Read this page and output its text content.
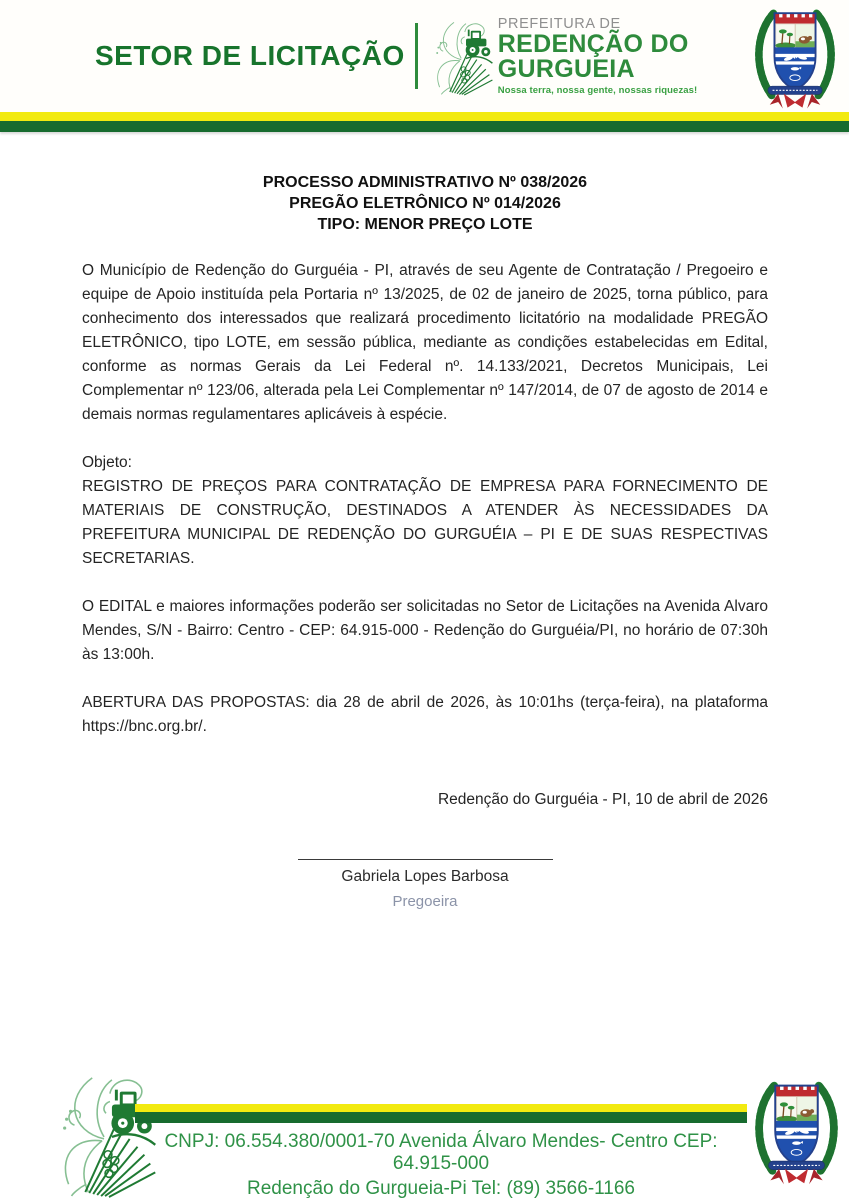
SETOR DE LICITAÇÃO
PREFEITURA DE
REDENÇÃO DO
GURGUEIA
Nossa terra, nossa gente, nossas riquezas!
PROCESSO ADMINISTRATIVO Nº 038/2026
PREGÃO ELETRÔNICO Nº 014/2026
TIPO: MENOR PREÇO LOTE

O Município de Redenção do Gurguéia - PI, através de seu Agente de Contratação / Pregoeiro e equipe de Apoio instituída pela Portaria nº 13/2025, de 02 de janeiro de 2025, torna público, para conhecimento dos interessados que realizará procedimento licitatório na modalidade PREGÃO ELETRÔNICO, tipo LOTE, em sessão pública, mediante as condições estabelecidas em Edital, conforme as normas Gerais da Lei Federal nº. 14.133/2021, Decretos Municipais, Lei Complementar nº 123/06, alterada pela Lei Complementar nº 147/2014, de 07 de agosto de 2014 e demais normas regulamentares aplicáveis à espécie.

Objeto:

REGISTRO DE PREÇOS PARA CONTRATAÇÃO DE EMPRESA PARA FORNECIMENTO DE MATERIAIS DE CONSTRUÇÃO, DESTINADOS A ATENDER ÀS NECESSIDADES DA PREFEITURA MUNICIPAL DE REDENÇÃO DO GURGUÉIA – PI E DE SUAS RESPECTIVAS SECRETARIAS.

O EDITAL e maiores informações poderão ser solicitadas no Setor de Licitações na Avenida Alvaro Mendes, S/N - Bairro: Centro - CEP: 64.915-000 - Redenção do Gurguéia/PI, no horário de 07:30h às 13:00h.

ABERTURA DAS PROPOSTAS: dia 28 de abril de 2026, às 10:01hs (terça-feira), na plataforma https://bnc.org.br/.

Redenção do Gurguéia - PI, 10 de abril de 2026
Gabriela Lopes Barbosa
Pregoeira
CNPJ: 06.554.380/0001-70 Avenida Álvaro Mendes- Centro CEP: 64.915-000
Redenção do Gurgueia-Pi Tel: (89) 3566-1166
